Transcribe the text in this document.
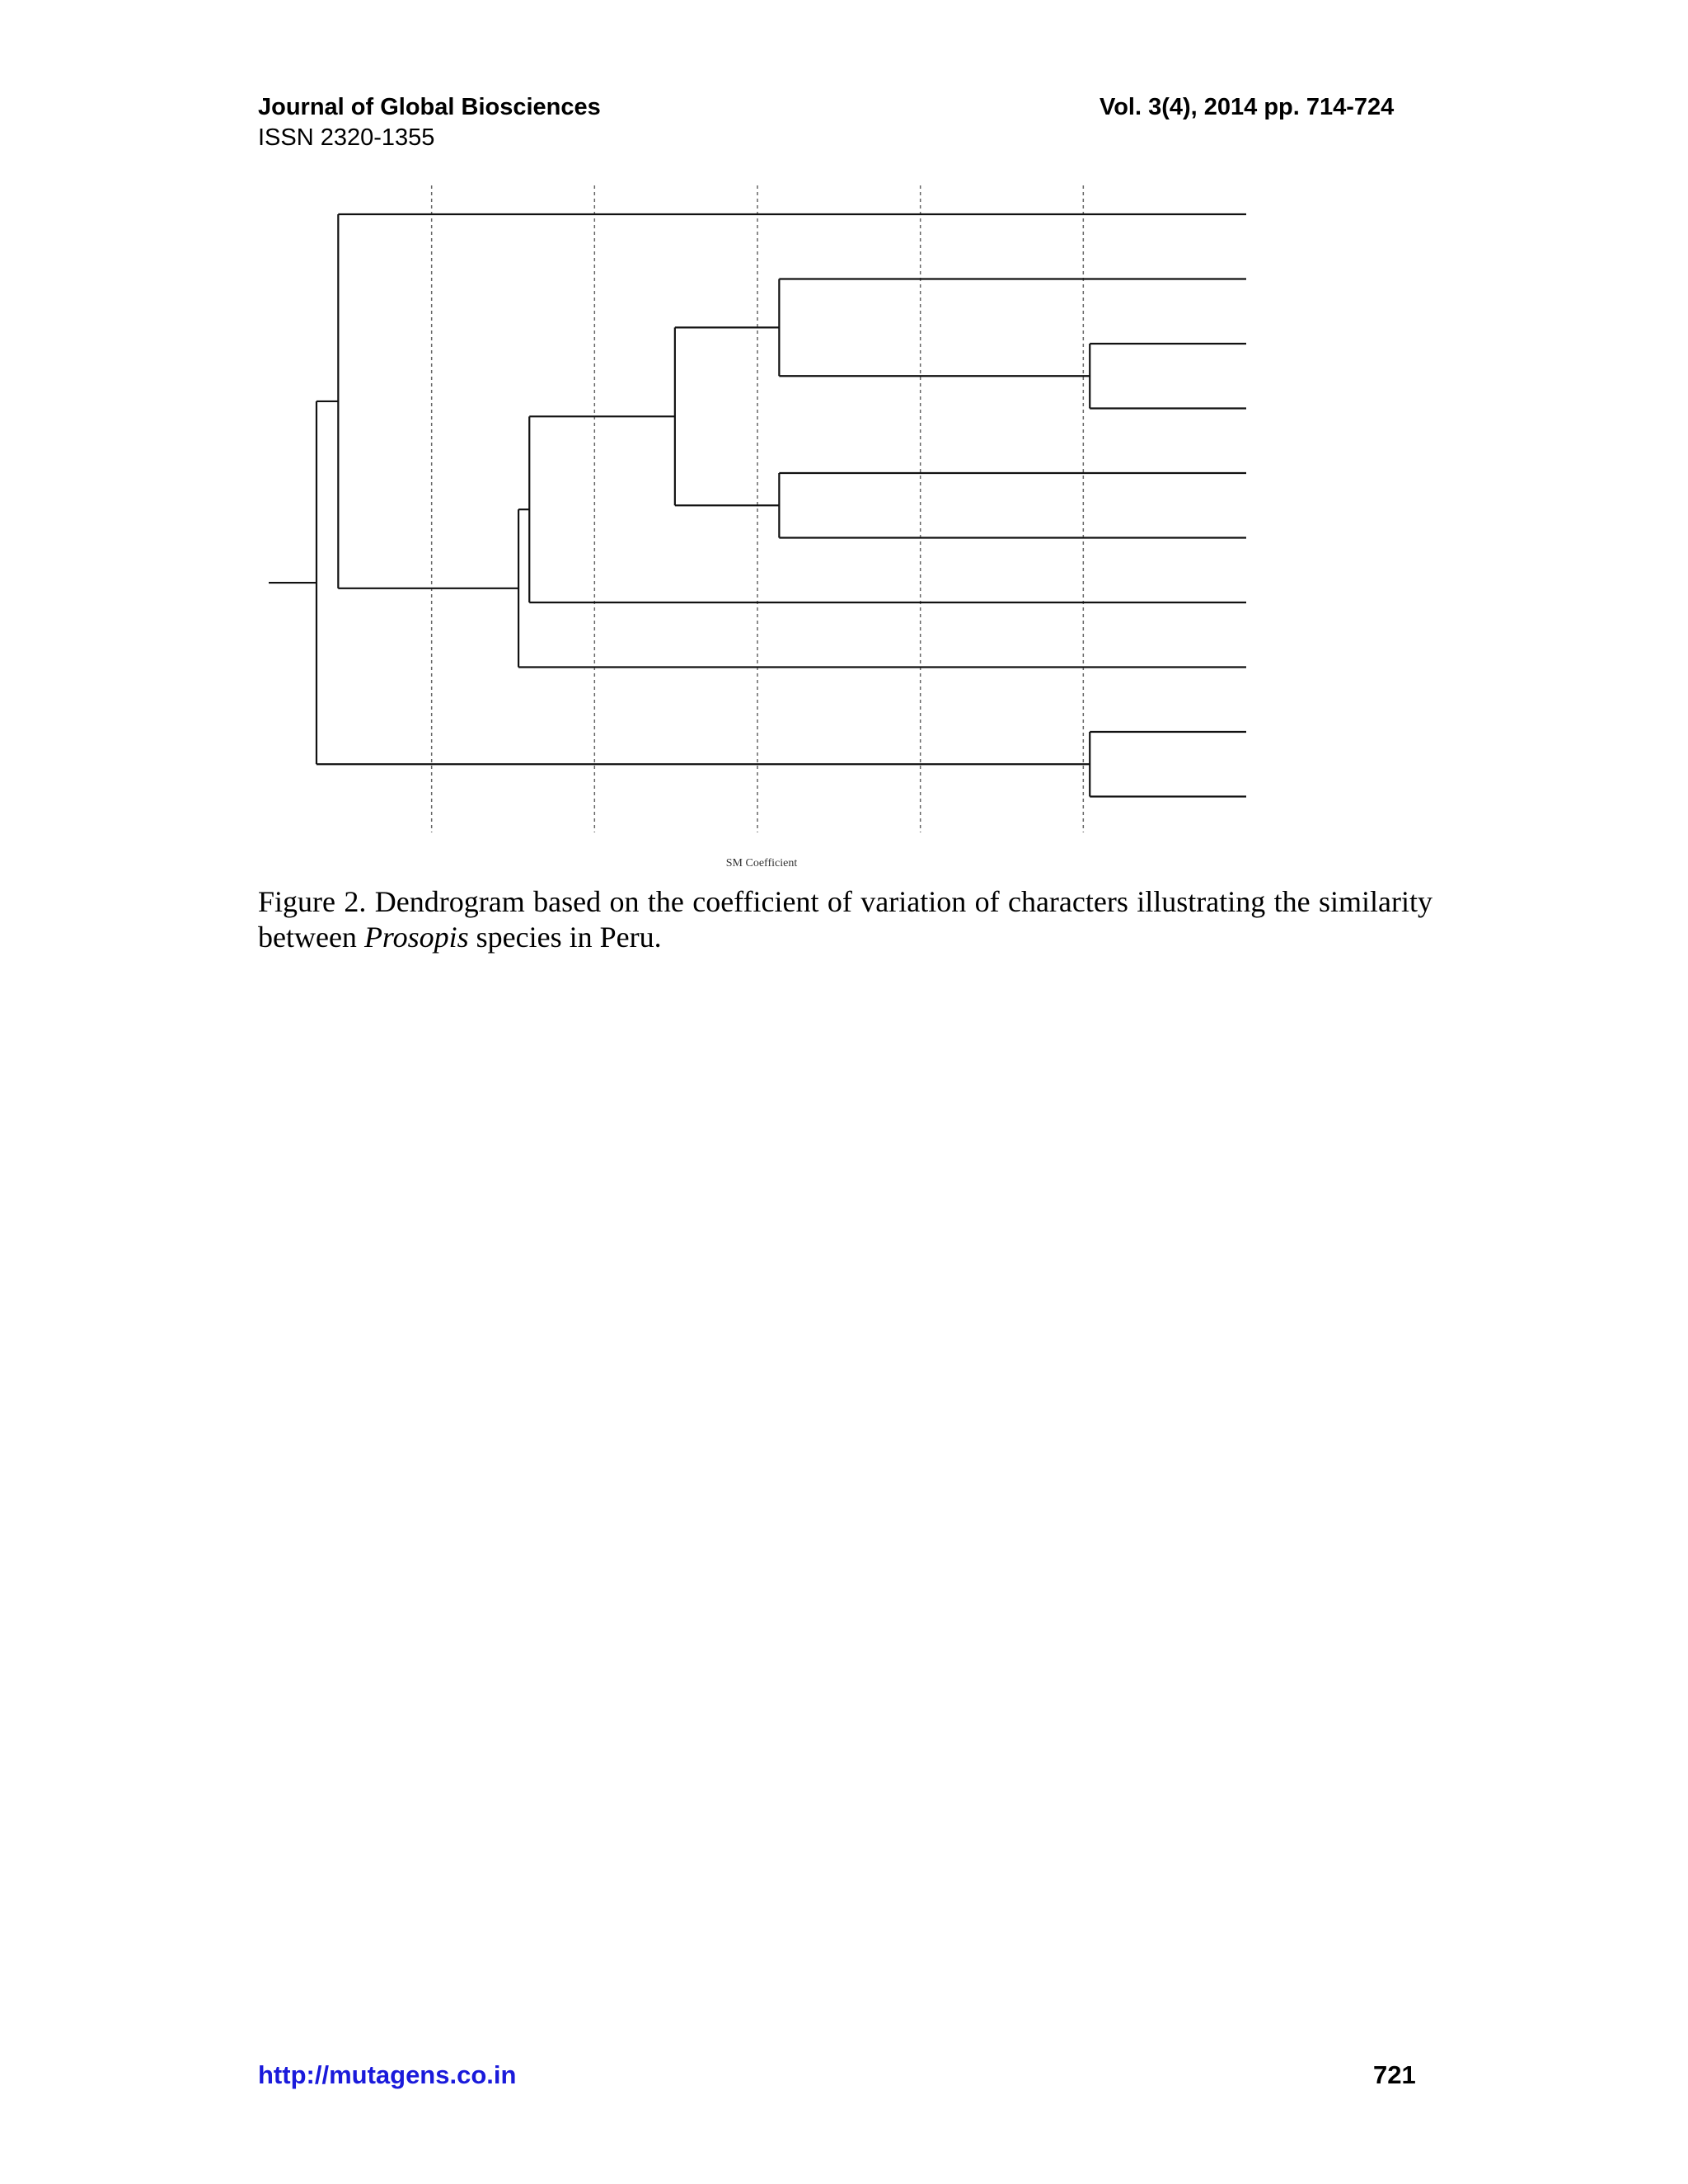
Journal of Global Biosciences
ISSN 2320-1355
Vol. 3(4), 2014 pp. 714-724
SM Coefficient
Figure 2. Dendrogram based on the coefficient of variation of characters illustrating the similarity between Prosopis species in Peru.
http://mutagens.co.in	721
